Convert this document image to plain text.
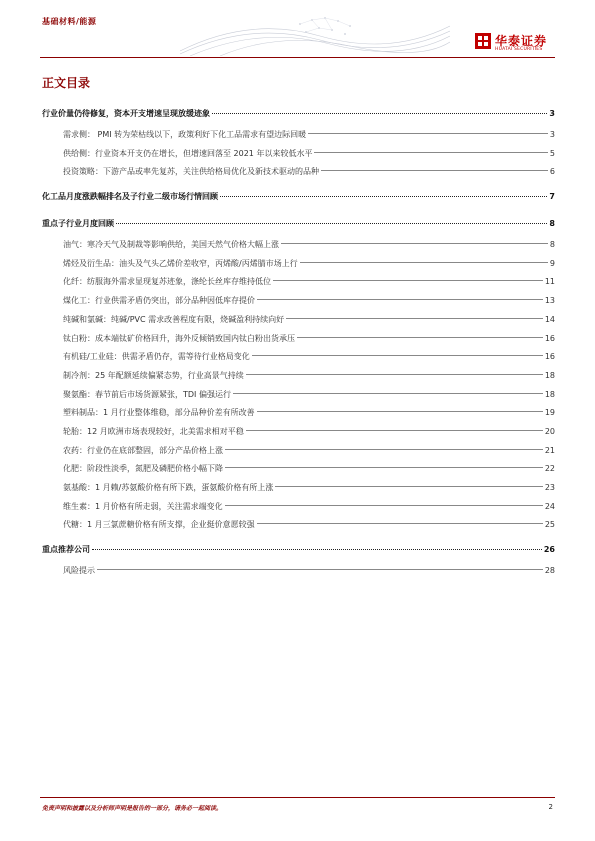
基础材料/能源
华泰证券
HUATAI SECURITIES
正文目录
行业价量仍待修复，资本开支增速呈现放缓迹象	3
需求侧： PMI 转为荣枯线以下，政策利好下化工品需求有望边际回暖	3
供给侧：行业资本开支仍在增长，但增速回落至 2021 年以来较低水平	5
投资策略：下游产品或率先复苏，关注供给格局优化及新技术驱动的品种	6
化工品月度涨跌幅排名及子行业二级市场行情回顾	7
重点子行业月度回顾	8
油气：寒冷天气及制裁等影响供给，美国天然气价格大幅上涨	8
烯烃及衍生品：油头及气头乙烯价差收窄，丙烯酸/丙烯腈市场上行	9
化纤：纺服海外需求显现复苏迹象，涤纶长丝库存维持低位	11
煤化工：行业供需矛盾仍突出，部分品种因低库存提价	13
纯碱和氯碱：纯碱/PVC 需求改善程度有限，烧碱盈利持续向好	14
钛白粉：成本端钛矿价格回升，海外反倾销致国内钛白粉出货承压	16
有机硅/工业硅：供需矛盾仍存，需等待行业格局变化	16
制冷剂：25 年配额延续偏紧态势，行业高景气持续	18
聚氨酯：春节前后市场货源紧张，TDI 偏强运行	18
塑料制品：1 月行业整体维稳，部分品种价差有所改善	19
轮胎：12 月欧洲市场表现较好，北美需求相对平稳	20
农药：行业仍在底部整固，部分产品价格上涨	21
化肥：阶段性淡季，氮肥及磷肥价格小幅下降	22
氨基酸：1 月赖/苏氨酸价格有所下跌，蛋氨酸价格有所上涨	23
维生素：1 月价格有所走弱，关注需求端变化	24
代糖：1 月三氯蔗糖价格有所支撑，企业挺价意愿较强	25
重点推荐公司	26
风险提示	28
免责声明和披露以及分析师声明是报告的一部分，请务必一起阅读。	2
